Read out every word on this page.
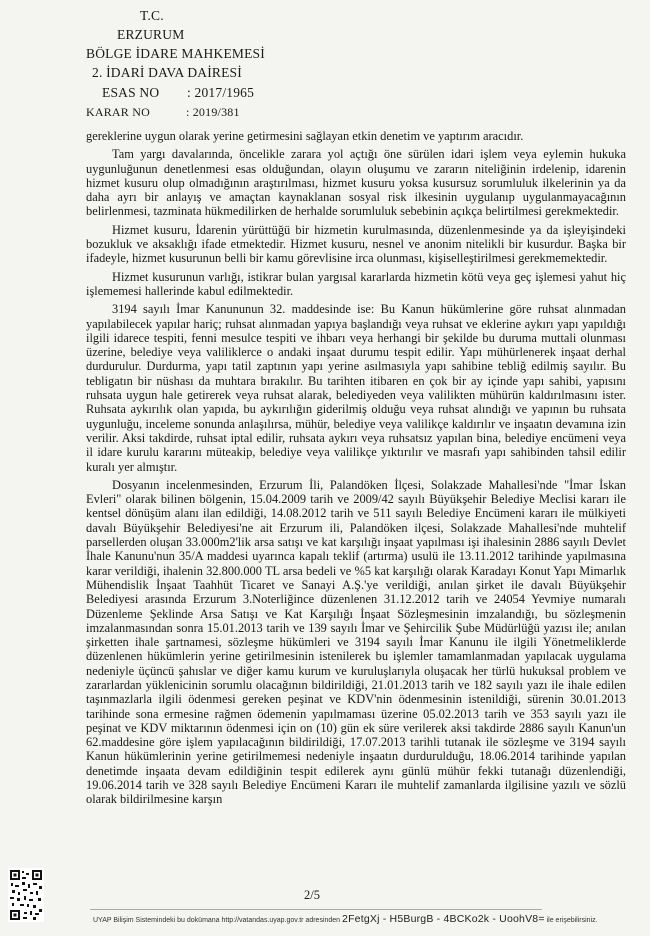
T.C.
ERZURUM
BÖLGE İDARE MAHKEMESİ
2. İDARİ DAVA DAİRESİ
ESAS NO : 2017/1965
KARAR NO	: 2019/381

gereklerine uygun olarak yerine getirmesini sağlayan etkin denetim ve yaptırım aracıdır.

Tam yargı davalarında, öncelikle zarara yol açtığı öne sürülen idari işlem veya eylemin hukuka uygunluğunun denetlenmesi esas olduğundan, olayın oluşumu ve zararın niteliğinin irdelenip, idarenin hizmet kusuru olup olmadığının araştırılması, hizmet kusuru yoksa kusursuz sorumluluk ilkelerinin ya da daha ayrı bir anlayış ve amaçtan kaynaklanan sosyal risk ilkesinin uygulanıp uygulanmayacağının belirlenmesi, tazminata hükmedilirken de herhalde sorumluluk sebebinin açıkça belirtilmesi gerekmektedir.

Hizmet kusuru, İdarenin yürüttüğü bir hizmetin kurulmasında, düzenlenmesinde ya da işleyişindeki bozukluk ve aksaklığı ifade etmektedir. Hizmet kusuru, nesnel ve anonim nitelikli bir kusurdur. Başka bir ifadeyle, hizmet kusurunun belli bir kamu görevlisine irca olunması, kişiselleştirilmesi gerekmemektedir.

Hizmet kusurunun varlığı, istikrar bulan yargısal kararlarda hizmetin kötü veya geç işlemesi yahut hiç işlememesi hallerinde kabul edilmektedir.

3194 sayılı İmar Kanununun 32. maddesinde ise: Bu Kanun hükümlerine göre ruhsat alınmadan yapılabilecek yapılar hariç; ruhsat alınmadan yapıya başlandığı veya ruhsat ve eklerine aykırı yapı yapıldığı ilgili idarece tespiti, fenni mesulce tespiti ve ihbarı veya herhangi bir şekilde bu duruma muttali olunması üzerine, belediye veya valiliklerce o andaki inşaat durumu tespit edilir. Yapı mühürlenerek inşaat derhal durdurulur. Durdurma, yapı tatil zaptının yapı yerine asılmasıyla yapı sahibine tebliğ edilmiş sayılır. Bu tebligatın bir nüshası da muhtara bırakılır. Bu tarihten itibaren en çok bir ay içinde yapı sahibi, yapısını ruhsata uygun hale getirerek veya ruhsat alarak, belediyeden veya valilikten mühürün kaldırılmasını ister. Ruhsata aykırılık olan yapıda, bu aykırılığın giderilmiş olduğu veya ruhsat alındığı ve yapının bu ruhsata uygunluğu, inceleme sonunda anlaşılırsa, mühür, belediye veya valilikçe kaldırılır ve inşaatın devamına izin verilir. Aksi takdirde, ruhsat iptal edilir, ruhsata aykırı veya ruhsatsız yapılan bina, belediye encümeni veya il idare kurulu kararını müteakip, belediye veya valilikçe yıktırılır ve masrafı yapı sahibinden tahsil edilir kuralı yer almıştır.

Dosyanın incelenmesinden, Erzurum İli, Palandöken İlçesi, Solakzade Mahallesi'nde "İmar İskan Evleri" olarak bilinen bölgenin, 15.04.2009 tarih ve 2009/42 sayılı Büyükşehir Belediye Meclisi kararı ile kentsel dönüşüm alanı ilan edildiği, 14.08.2012 tarih ve 511 sayılı Belediye Encümeni kararı ile mülkiyeti davalı Büyükşehir Belediyesi'ne ait Erzurum ili, Palandöken ilçesi, Solakzade Mahallesi'nde muhtelif parsellerden oluşan 33.000m2'lik arsa satışı ve kat karşılığı inşaat yapılması işi ihalesinin 2886 sayılı Devlet İhale Kanunu'nun 35/A maddesi uyarınca kapalı teklif (artırma) usulü ile 13.11.2012 tarihinde yapılmasına karar verildiği, ihalenin 32.800.000 TL arsa bedeli ve %5 kat karşılığı olarak Karadayı Konut Yapı Mimarlık Mühendislik İnşaat Taahhüt Ticaret ve Sanayi A.Ş.'ye verildiği, anılan şirket ile davalı Büyükşehir Belediyesi arasında Erzurum 3.Noterliğince düzenlenen 31.12.2012 tarih ve 24054 Yevmiye numaralı Düzenleme Şeklinde Arsa Satışı ve Kat Karşılığı İnşaat Sözleşmesinin imzalandığı, bu sözleşmenin imzalanmasından sonra 15.01.2013 tarih ve 139 sayılı İmar ve Şehircilik Şube Müdürlüğü yazısı ile; anılan şirketten ihale şartnamesi, sözleşme hükümleri ve 3194 sayılı İmar Kanunu ile ilgili Yönetmeliklerde düzenlenen hükümlerin yerine getirilmesinin istenilerek bu işlemler tamamlanmadan yapılacak uygulama nedeniyle üçüncü şahıslar ve diğer kamu kurum ve kuruluşlarıyla oluşacak her türlü hukuksal problem ve zararlardan yüklenicinin sorumlu olacağının bildirildiği, 21.01.2013 tarih ve 182 sayılı yazı ile ihale edilen taşınmazlarla ilgili ödenmesi gereken peşinat ve KDV'nin ödenmesinin istenildiği, sürenin 30.01.2013 tarihinde sona ermesine rağmen ödemenin yapılmaması üzerine 05.02.2013 tarih ve 353 sayılı yazı ile peşinat ve KDV miktarının ödenmesi için on (10) gün ek süre verilerek aksi takdirde 2886 sayılı Kanun'un 62.maddesine göre işlem yapılacağının bildirildiği, 17.07.2013 tarihli tutanak ile sözleşme ve 3194 sayılı Kanun hükümlerinin yerine getirilmemesi nedeniyle inşaatın durdurulduğu, 18.06.2014 tarihinde yapılan denetimde inşaata devam edildiğinin tespit edilerek aynı günlü mühür fekki tutanağı düzenlendiği, 19.06.2014 tarih ve 328 sayılı Belediye Encümeni Kararı ile muhtelif zamanlarda ilgilisine yazılı ve sözlü olarak bildirilmesine karşın

2/5
UYAP Bilişim Sistemindeki bu dokümana http://vatandas.uyap.gov.tr adresinden 2FetgXj - H5BurgB - 4BCKo2k - UoohV8= ile erişebilirsiniz.
